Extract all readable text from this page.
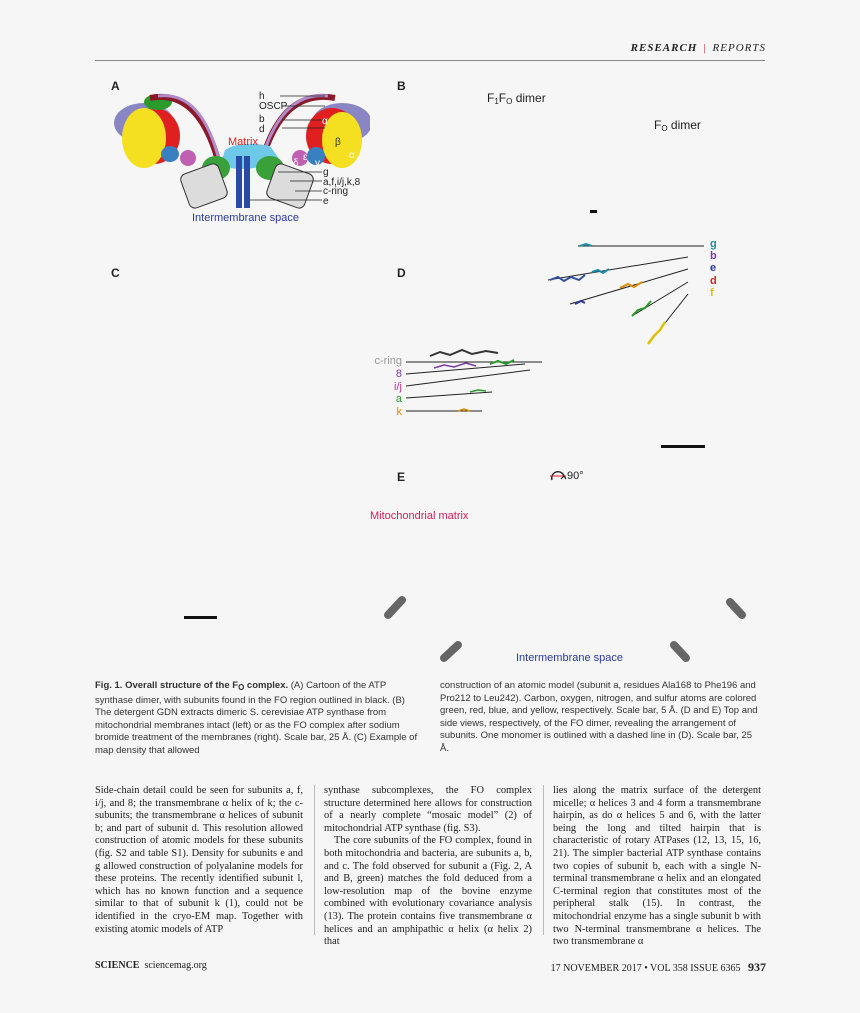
RESEARCH | REPORTS
A	B
C	D
E
h
OSCP
b
d
g
a,f,i/j,k,8
c-ring
e
Matrix
Intermembrane space
α
β
α
δ
ε
γ
$F_1F_O$ dimer
$F_O$ dimer
g
b
e
d
f
c-ring
8
i/j
a
k
90°
Mitochondrial matrix
Intermembrane space
Fig. 1. Overall structure of the $F_O$ complex. (A) Cartoon of the ATP synthase dimer, with subunits found in the FO region outlined in black. (B) The detergent GDN extracts dimeric S. cerevisiae ATP synthase from mitochondrial membranes intact (left) or as the FO complex after sodium bromide treatment of the membranes (right). Scale bar, 25 Å. (C) Example of map density that allowed
construction of an atomic model (subunit a, residues Ala168 to Phe196 and Pro212 to Leu242). Carbon, oxygen, nitrogen, and sulfur atoms are colored green, red, blue, and yellow, respectively. Scale bar, 5 Å. (D and E) Top and side views, respectively, of the FO dimer, revealing the arrangement of subunits. One monomer is outlined with a dashed line in (D). Scale bar, 25 Å.

Side-chain detail could be seen for subunits a, f, i/j, and 8; the transmembrane α helix of k; the c-subunits; the transmembrane α helices of subunit b; and part of subunit d. This resolution allowed construction of atomic models for these subunits (fig. S2 and table S1). Density for subunits e and g allowed construction of polyalanine models for these proteins. The recently identified subunit l, which has no known function and a sequence similar to that of subunit k (1), could not be identified in the cryo-EM map. Together with existing atomic models of ATP

synthase subcomplexes, the FO complex structure determined here allows for construction of a nearly complete “mosaic model” (2) of mitochondrial ATP synthase (fig. S3).

The core subunits of the FO complex, found in both mitochondria and bacteria, are subunits a, b, and c. The fold observed for subunit a (Fig. 2, A and B, green) matches the fold deduced from a low-resolution map of the bovine enzyme combined with evolutionary covariance analysis (13). The protein contains five transmembrane α helices and an amphipathic α helix (α helix 2) that

lies along the matrix surface of the detergent micelle; α helices 3 and 4 form a transmembrane hairpin, as do α helices 5 and 6, with the latter being the long and tilted hairpin that is characteristic of rotary ATPases (12, 13, 15, 16, 21). The simpler bacterial ATP synthase contains two copies of subunit b, each with a single N-terminal transmembrane α helix and an elongated C-terminal region that constitutes most of the peripheral stalk (15). In contrast, the mitochondrial enzyme has a single subunit b with two N-terminal transmembrane α helices. The two transmembrane α

SCIENCE sciencemag.org	17 NOVEMBER 2017 • VOL 358 ISSUE 6365 937
